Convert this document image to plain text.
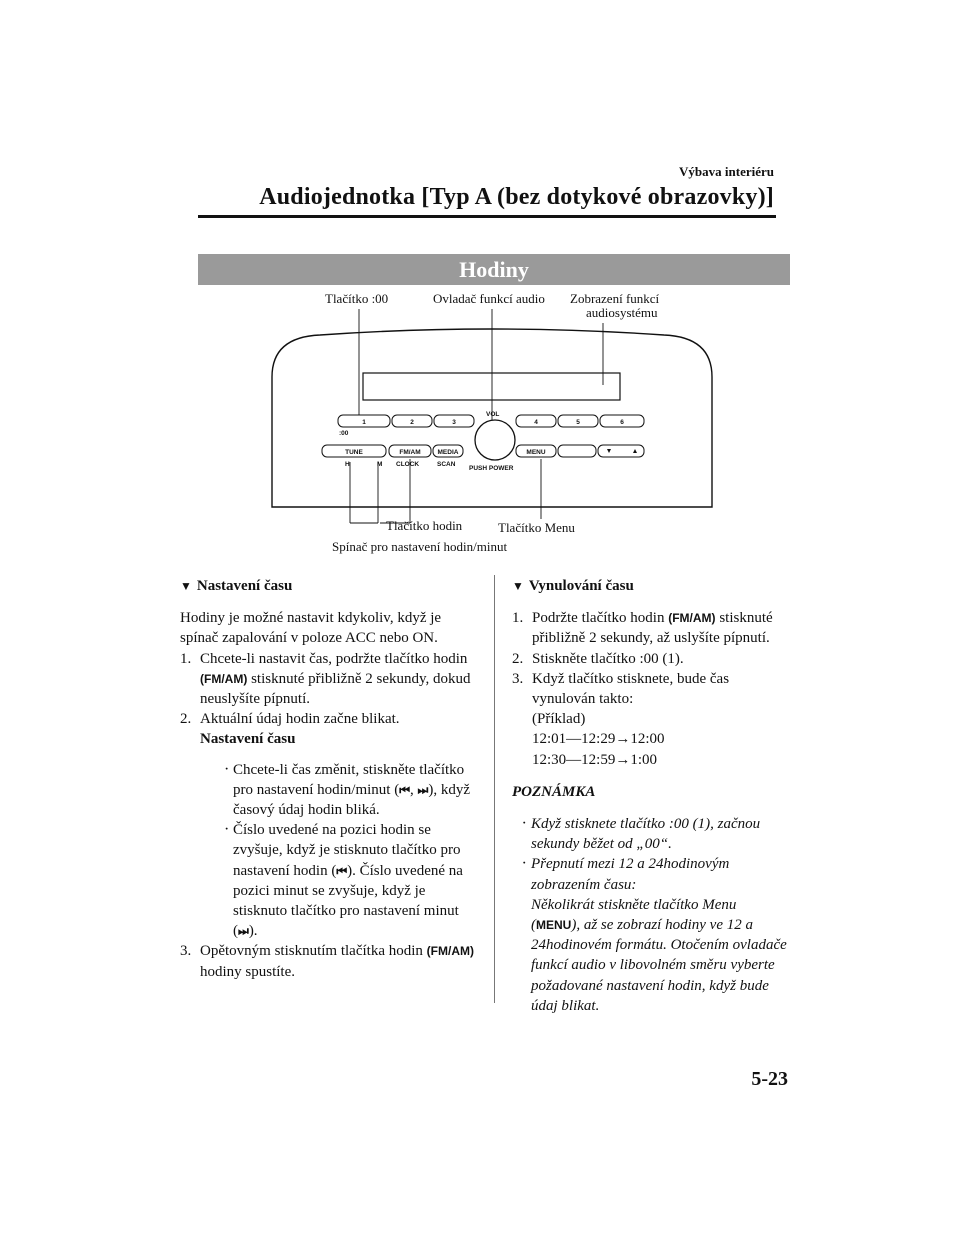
Výbava interiéru
Audiojednotka [Typ A (bez dotykové obrazovky)]
Hodiny
Tlačítko :00	Ovladač funkcí audio Zobrazení funkcí
audiosystému
1	2	3
:00
4	5	6
VOL
PUSH POWER
TUNE	FM/AM	MEDIA
H	M CLOCK	SCAN
MENU
Tlačítko hodin	Tlačítko Menu
Spínač pro nastavení hodin/minut
▼ Nastavení času

Hodiny je možné nastavit kdykoliv, když je spínač zapalování v poloze ACC nebo ON.

1. Chcete-li nastavit čas, podržte tlačítko hodin (FM/AM) stisknuté přibližně 2 sekundy, dokud neuslyšíte pípnutí.
2. Aktuální údaj hodin začne blikat.
Nastavení času
· Chcete-li čas změnit, stiskněte tlačítko pro nastavení hodin/minut (⏮, ⏭), když časový údaj hodin bliká.
· Číslo uvedené na pozici hodin se zvyšuje, když je stisknuto tlačítko pro nastavení hodin (⏮). Číslo uvedené na pozici minut se zvyšuje, když je stisknuto tlačítko pro nastavení minut (⏭).
3. Opětovným stisknutím tlačítka hodin (FM/AM) hodiny spustíte.
▼ Vynulování času
1. Podržte tlačítko hodin (FM/AM) stisknuté přibližně 2 sekundy, až uslyšíte pípnutí.
2. Stiskněte tlačítko :00 (1).
3. Když tlačítko stisknete, bude čas vynulován takto:
(Příklad)
12:01―12:29→12:00
12:30―12:59→1:00
POZNÁMKA
· Když stisknete tlačítko :00 (1), začnou sekundy běžet od „00“.
· Přepnutí mezi 12 a 24hodinovým zobrazením času:
Několikrát stiskněte tlačítko Menu
(MENU), až se zobrazí hodiny ve 12 a 24hodinovém formátu. Otočením ovladače funkcí audio v libovolném směru vyberte požadované nastavení hodin, když bude údaj blikat.
5-23
